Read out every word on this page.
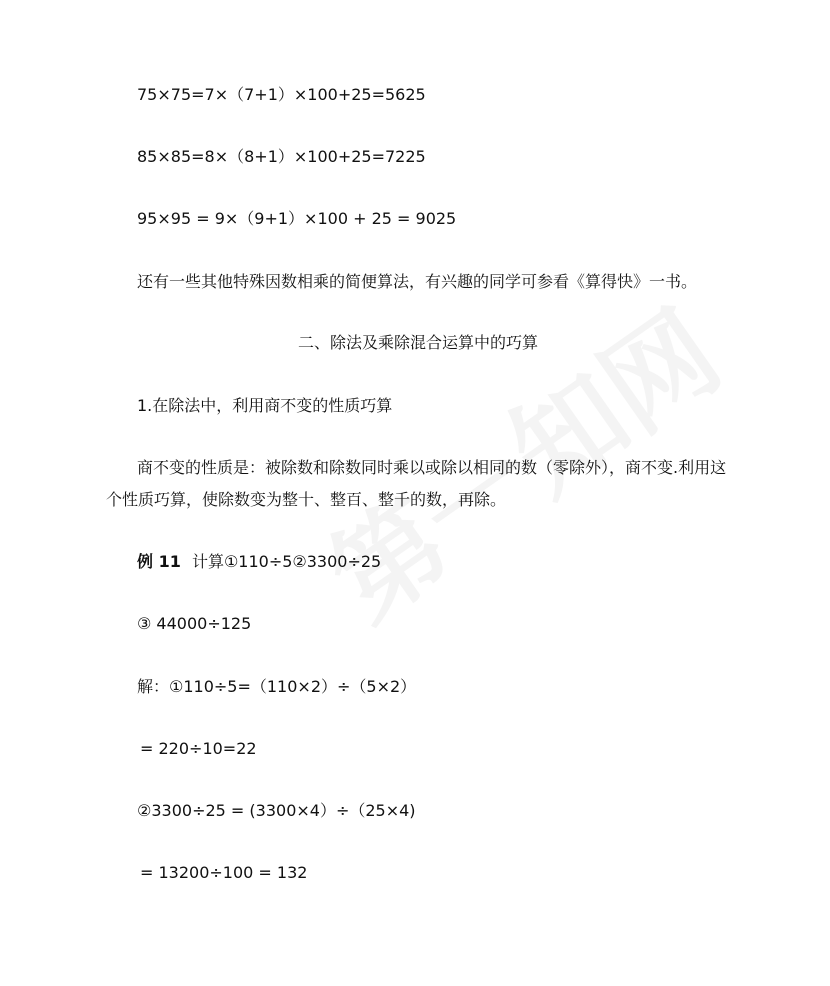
75×75=7×（7+1）×100+25=5625
85×85=8×（8+1）×100+25=7225
95×95 = 9×（9+1）×100 + 25 = 9025
还有一些其他特殊因数相乘的简便算法，有兴趣的同学可参看《算得快》一书。
二、除法及乘除混合运算中的巧算
1.在除法中，利用商不变的性质巧算
商不变的性质是：被除数和除数同时乘以或除以相同的数（零除外），商不变.利用这
个性质巧算，使除数变为整十、整百、整千的数，再除。
例 11 计算①110÷5②3300÷25
③ 44000÷125
解：①110÷5=（110×2）÷（5×2）
= 220÷10=22
②3300÷25 = (3300×4）÷（25×4)
= 13200÷100 = 132
